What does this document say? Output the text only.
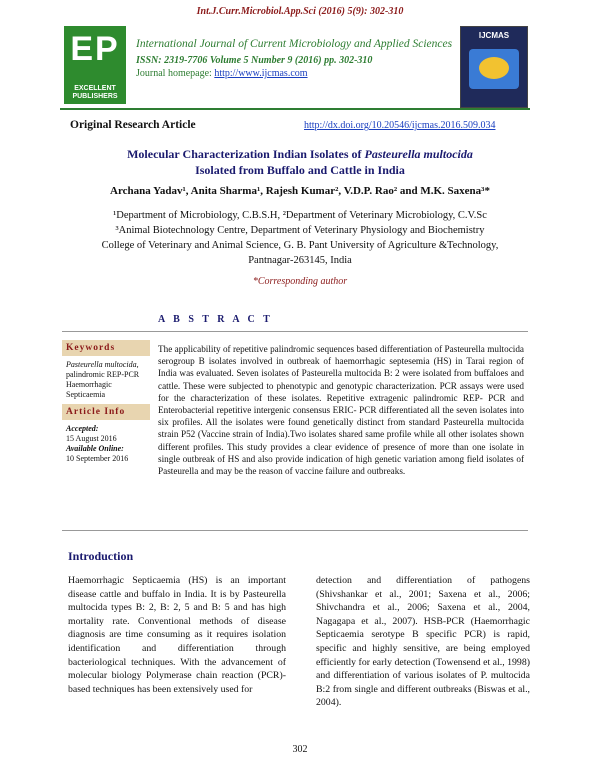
Int.J.Curr.Microbiol.App.Sci (2016) 5(9): 302-310
EP
EXCELLENT PUBLISHERS
International Journal of Current Microbiology and Applied Sciences
ISSN: 2319-7706 Volume 5 Number 9 (2016) pp. 302-310
Journal homepage: http://www.ijcmas.com
IJCMAS
Original Research Article	http://dx.doi.org/10.20546/ijcmas.2016.509.034
Molecular Characterization Indian Isolates of Pasteurella multocida
Isolated from Buffalo and Cattle in India
Archana Yadav¹, Anita Sharma¹, Rajesh Kumar², V.D.P. Rao² and M.K. Saxena³*
¹Department of Microbiology, C.B.S.H, ²Department of Veterinary Microbiology, C.V.Sc
³Animal Biotechnology Centre, Department of Veterinary Physiology and Biochemistry
College of Veterinary and Animal Science, G. B. Pant University of Agriculture &Technology,
Pantnagar-263145, India
*Corresponding author
A B S T R A C T
Keywords
Pasteurella multocida,
palindromic REP-PCR
Haemorrhagic Septicaemia
Article Info
Accepted:
15 August 2016
Available Online:
10 September 2016
The applicability of repetitive palindromic sequences based differentiation of Pasteurella multocida serogroup B isolates involved in outbreak of haemorrhagic septesemia (HS) in Tarai region of India was evaluated. Seven isolates of Pasteurella multocida B: 2 were isolated from buffaloes and cattle. These were subjected to phenotypic and genotypic characterization. PCR assays were used for the characterization of these isolates. Repetitive extragenic palindromic REP- PCR and Enterobacterial repetitive intergenic consensus ERIC- PCR differentiated all the seven isolates into six profiles. All the isolates were found genetically distinct from standard Pasteurella multocida strain P52 (Vaccine strain of India).Two isolates shared same profile while all other isolates shown different profiles. This study provides a clear evidence of presence of more than one isolate in single outbreak of HS and also provide indication of high genetic variation among field isolates of Pasteurella and may be the reason of vaccine failure and outbreaks.
Introduction
Haemorrhagic Septicaemia (HS) is an important disease cattle and buffalo in India. It is by Pasteurella multocida types B: 2, B: 2, 5 and B: 5 and has high mortality rate. Conventional methods of disease diagnosis are time consuming as it requires isolation identification and differentiation through bacteriological techniques. With the advancement of molecular biology Polymerase chain reaction (PCR)-based techniques has been extensively used for
detection and differentiation of pathogens (Shivshankar et al., 2001; Saxena et al., 2006; Shivchandra et al., 2006; Saxena et al., 2004, Nagagapa et al., 2007). HSB-PCR (Haemorrhagic Septicaemia serotype B specific PCR) is rapid, specific and highly sensitive, are being employed efficiently for early detection (Towensend et al., 1998) and differentiation of various isolates of P. multocida B:2 from single and different outbreaks (Biswas et al., 2004).
302
